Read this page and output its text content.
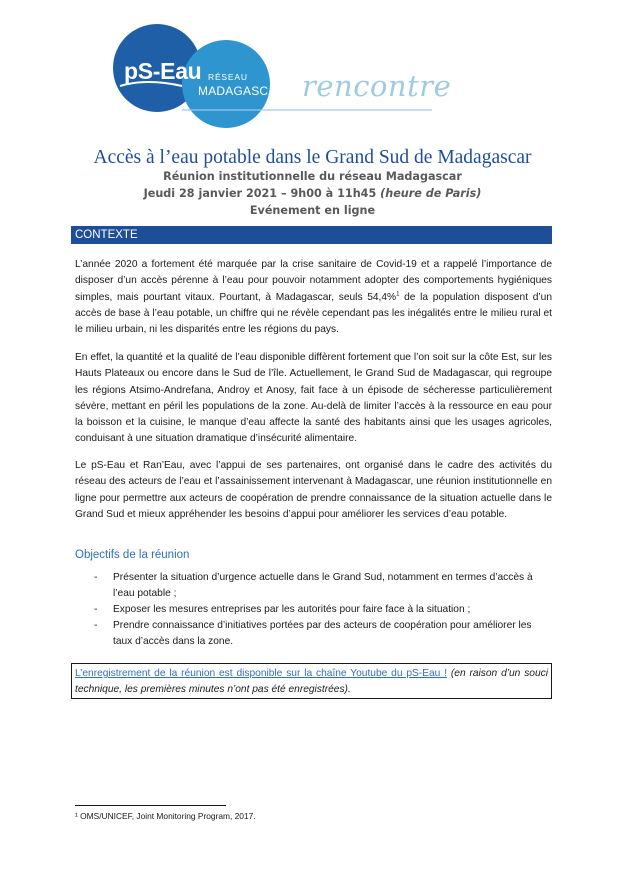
pS-Eau RÉSEAU
MADAGASCAR rencontre
Accès à l’eau potable dans le Grand Sud de Madagascar
Réunion institutionnelle du réseau Madagascar
Jeudi 28 janvier 2021 – 9h00 à 11h45 (heure de Paris)
Evénement en ligne
CONTEXTE

L’année 2020 a fortement été marquée par la crise sanitaire de Covid-19 et a rappelé l’importance de disposer d’un accès pérenne à l’eau pour pouvoir notamment adopter des comportements hygiéniques simples, mais pourtant vitaux. Pourtant, à Madagascar, seuls 54,4%$^1$ de la population disposent d’un accès de base à l’eau potable, un chiffre qui ne révèle cependant pas les inégalités entre le milieu rural et le milieu urbain, ni les disparités entre les régions du pays.

En effet, la quantité et la qualité de l’eau disponible diffèrent fortement que l’on soit sur la côte Est, sur les Hauts Plateaux ou encore dans le Sud de l’île. Actuellement, le Grand Sud de Madagascar, qui regroupe les régions Atsimo-Andrefana, Androy et Anosy, fait face à un épisode de sécheresse particulièrement sévère, mettant en péril les populations de la zone. Au-delà de limiter l’accès à la ressource en eau pour la boisson et la cuisine, le manque d’eau affecte la santé des habitants ainsi que les usages agricoles, conduisant à une situation dramatique d’insécurité alimentaire.

Le pS-Eau et Ran’Eau, avec l’appui de ses partenaires, ont organisé dans le cadre des activités du réseau des acteurs de l’eau et l’assainissement intervenant à Madagascar, une réunion institutionnelle en ligne pour permettre aux acteurs de coopération de prendre connaissance de la situation actuelle dans le Grand Sud et mieux appréhender les besoins d’appui pour améliorer les services d’eau potable.

Objectifs de la réunion
- Présenter la situation d’urgence actuelle dans le Grand Sud, notamment en termes d’accès à l’eau potable ;
- Exposer les mesures entreprises par les autorités pour faire face à la situation ;
- Prendre connaissance d’initiatives portées par des acteurs de coopération pour améliorer les taux d’accès dans la zone.
L’enregistrement de la réunion est disponible sur la chaîne Youtube du pS-Eau ! (en raison d’un souci technique, les premières minutes n’ont pas été enregistrées).
¹ OMS/UNICEF, Joint Monitoring Program, 2017.
